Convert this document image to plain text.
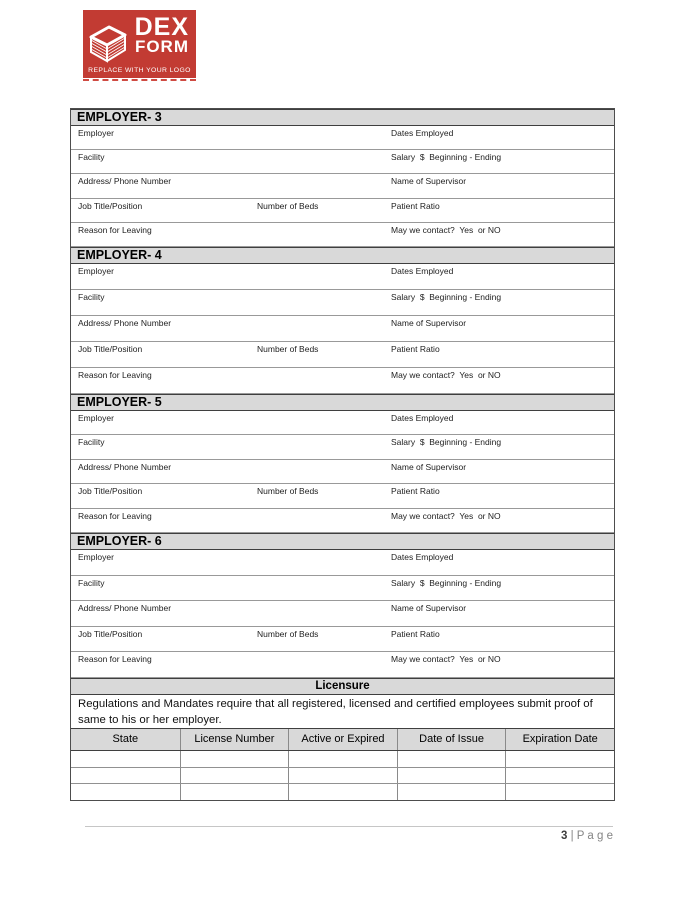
DEX
FORM
REPLACE WITH YOUR LOGO
EMPLOYER- 3
Employer	Dates Employed
Facility	Salary  $  Beginning - Ending
Address/ Phone Number	Name of Supervisor
Job Title/Position	Number of Beds	Patient Ratio
Reason for Leaving	May we contact?  Yes  or NO
EMPLOYER- 4
Employer	Dates Employed
Facility	Salary  $  Beginning - Ending
Address/ Phone Number	Name of Supervisor
Job Title/Position	Number of Beds	Patient Ratio
Reason for Leaving	May we contact?  Yes  or NO
EMPLOYER- 5
Employer	Dates Employed
Facility	Salary  $  Beginning - Ending
Address/ Phone Number	Name of Supervisor
Job Title/Position	Number of Beds	Patient Ratio
Reason for Leaving	May we contact?  Yes  or NO
EMPLOYER- 6
Employer	Dates Employed
Facility	Salary  $  Beginning - Ending
Address/ Phone Number	Name of Supervisor
Job Title/Position	Number of Beds	Patient Ratio
Reason for Leaving	May we contact?  Yes  or NO
Licensure
Regulations and Mandates require that all registered, licensed and certified employees submit proof of same to his or her employer.
State	License Number	Active or Expired	Date of Issue	Expiration Date
3 | P a g e
